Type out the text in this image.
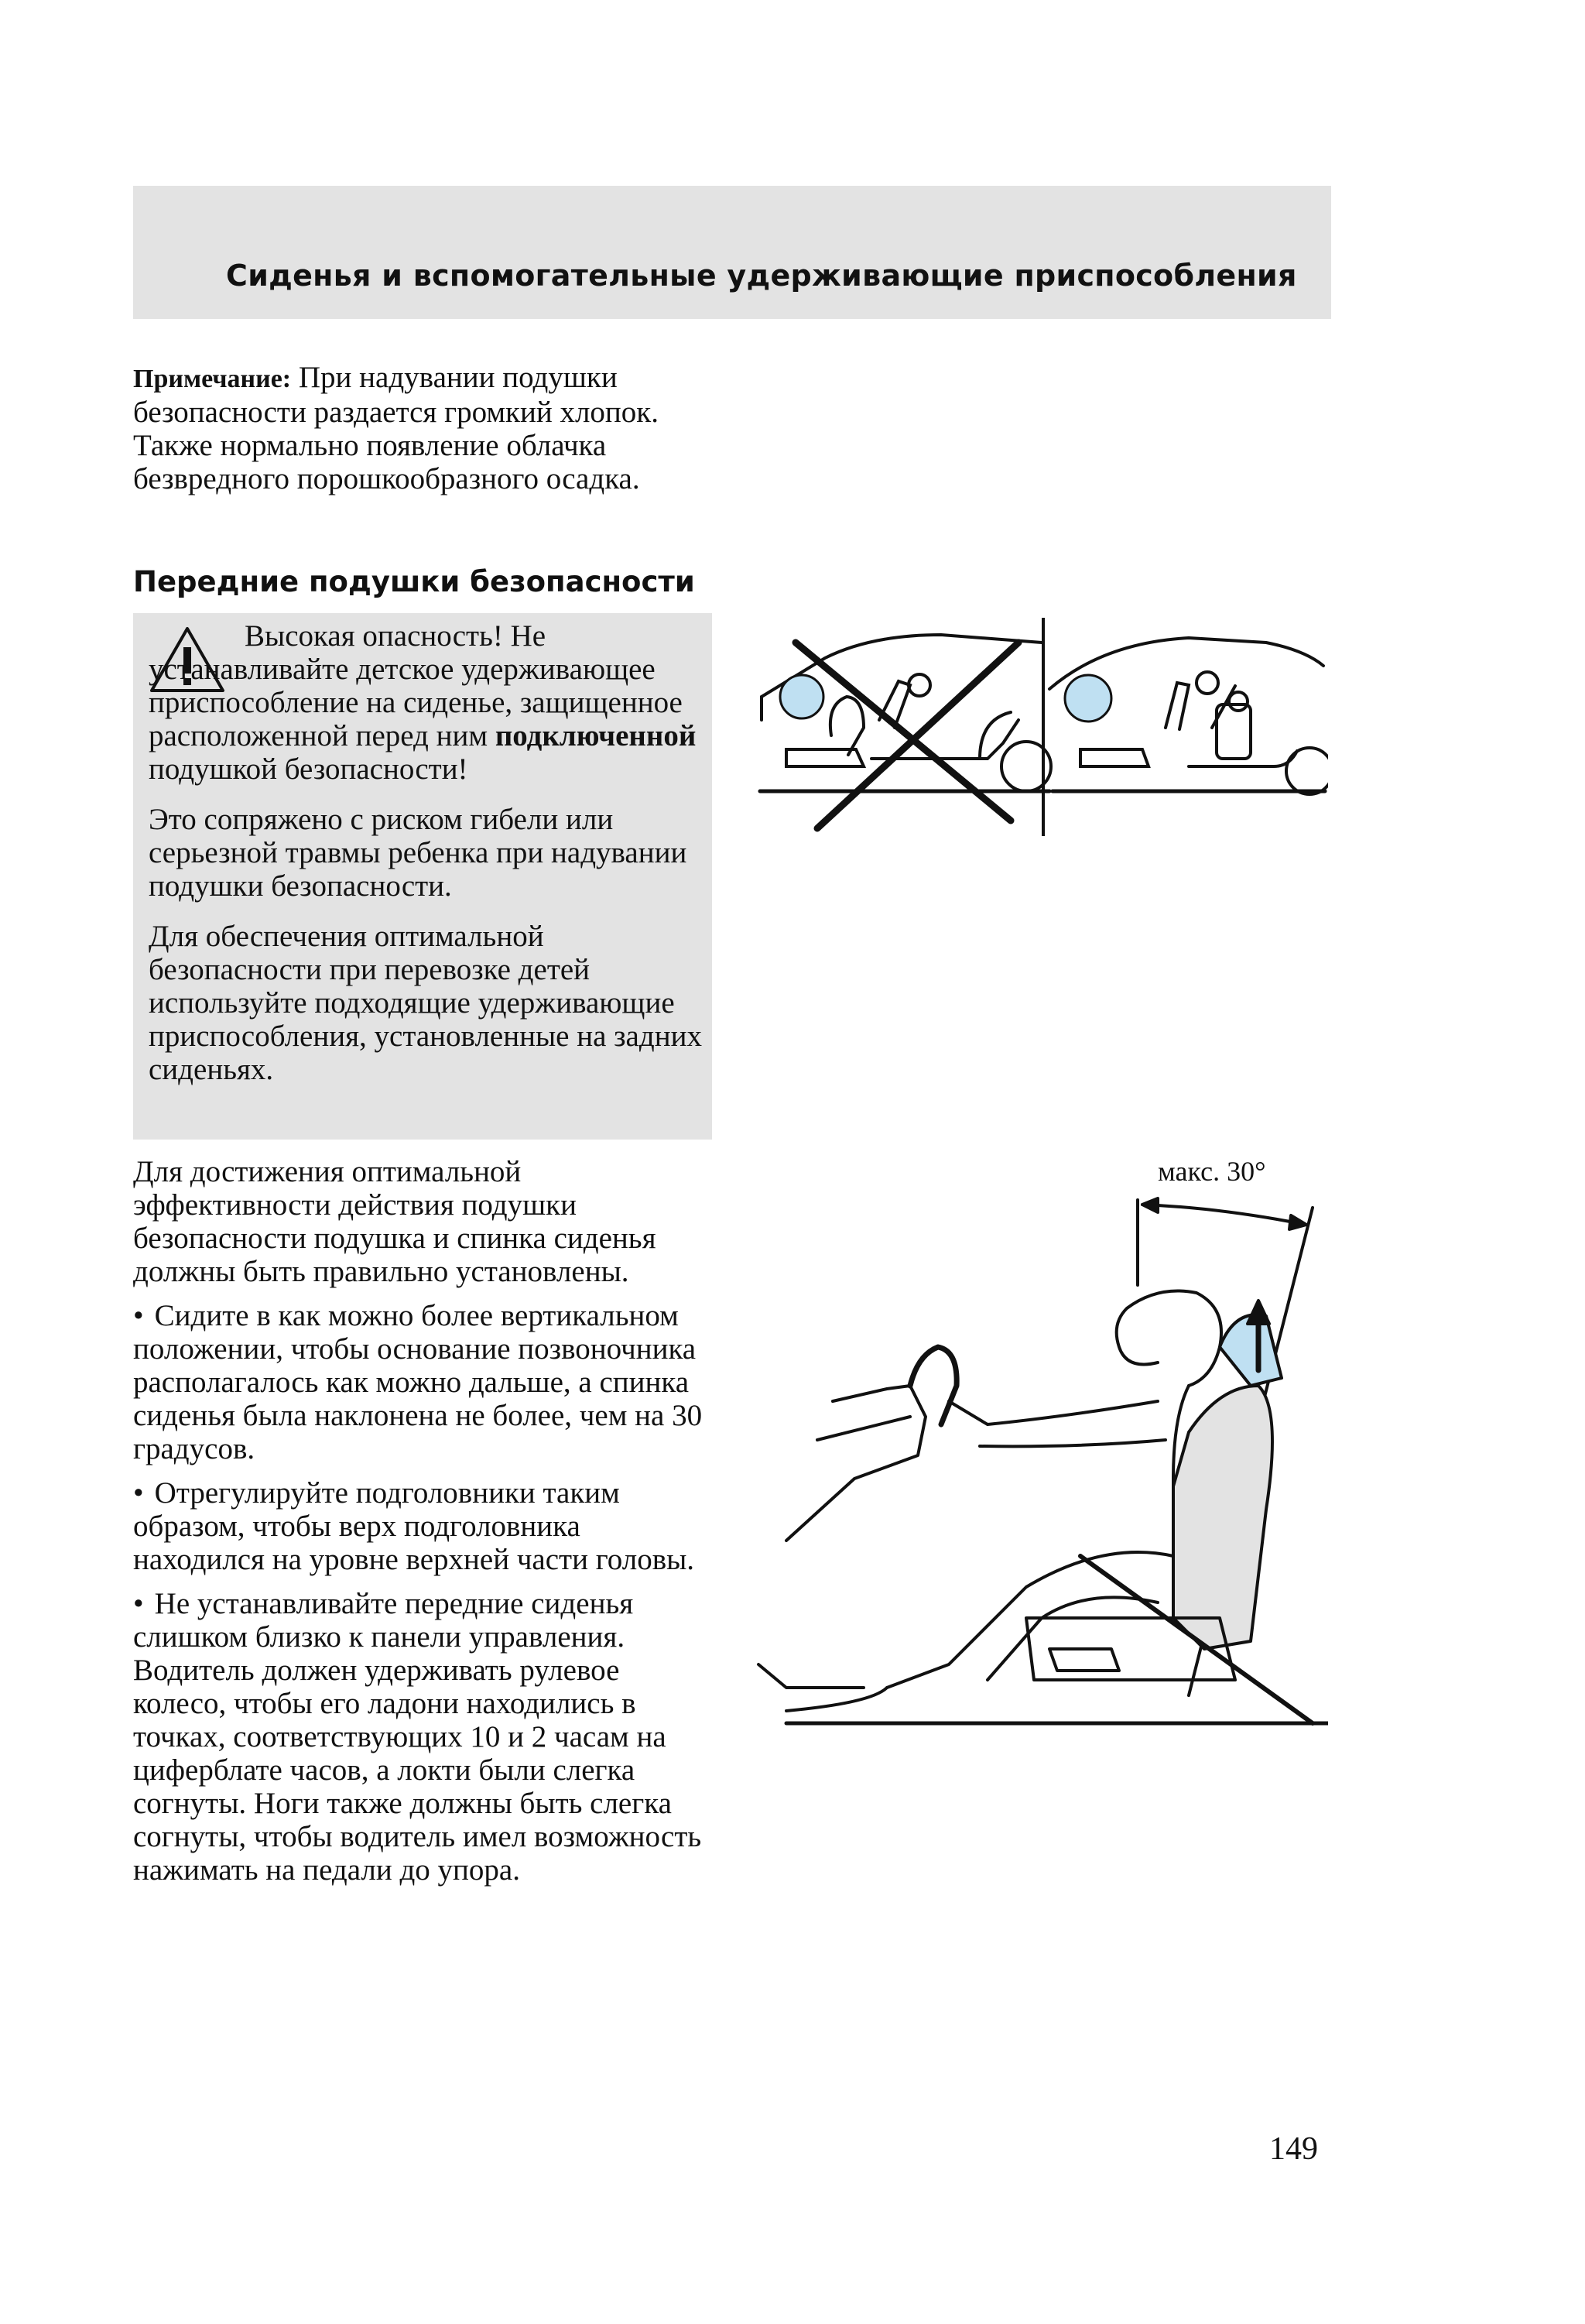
Сиденья и вспомогательные удерживающие приспособления
Примечание: При надувании подушки безопасности раздается громкий хлопок. Также нормально появление облачка безвредного порошкообразного осадка.
Передние подушки безопасности

Высокая опасность! Не устанавливайте детское удерживающее приспособление на сиденье, защищенное расположенной перед ним подключенной подушкой безопасности!

Это сопряжено с риском гибели или серьезной травмы ребенка при надувании подушки безопасности.

Для обеспечения оптимальной безопасности при перевозке детей используйте подходящие удерживающие приспособления, установленные на задних сиденьях.

Для достижения оптимальной эффективности действия подушки безопасности подушка и спинка сиденья должны быть правильно установлены.

• Сидите в как можно более вертикальном положении, чтобы основание позвоночника располагалось как можно дальше, а спинка сиденья была наклонена не более, чем на 30 градусов.

• Отрегулируйте подголовники таким образом, чтобы верх подголовника находился на уровне верхней части головы.

• Не устанавливайте передние сиденья слишком близко к панели управления. Водитель должен удерживать рулевое колесо, чтобы его ладони находились в точках, соответствующих 10 и 2 часам на циферблате часов, а локти были слегка согнуты. Ноги также должны быть слегка согнуты, чтобы водитель имел возможность нажимать на педали до упора.

макс. 30°
149
